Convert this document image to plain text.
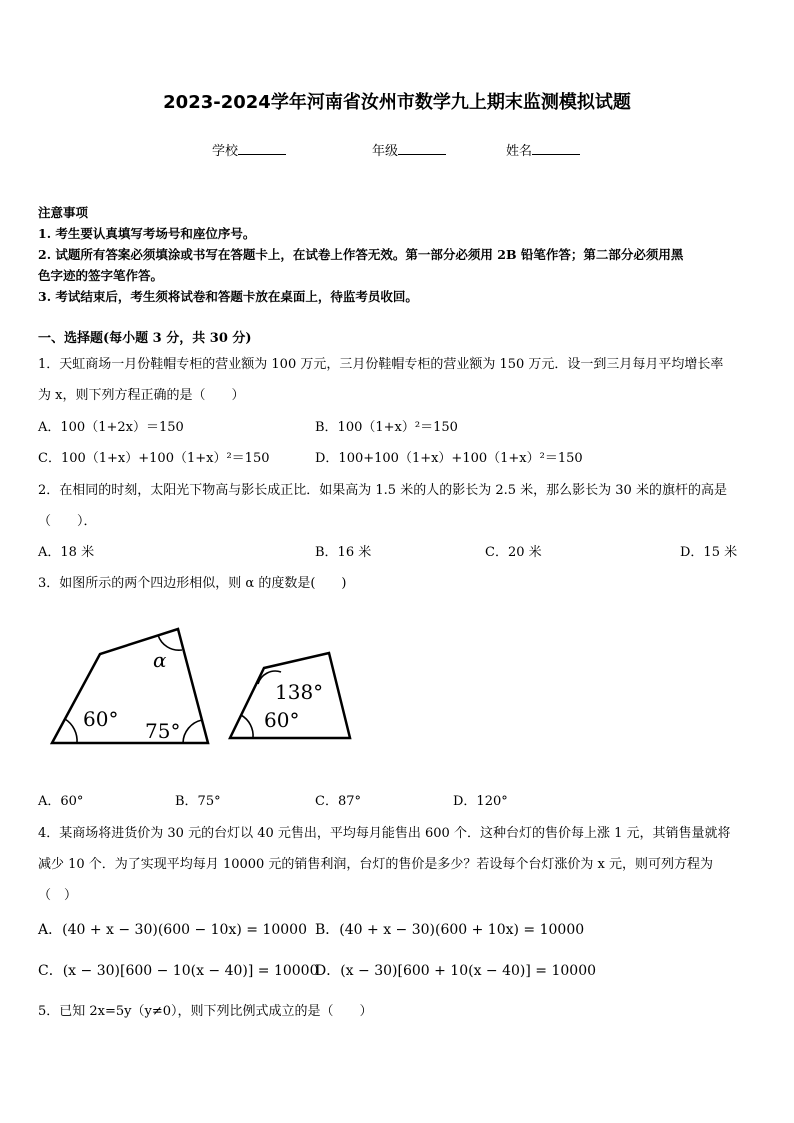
2023-2024学年河南省汝州市数学九上期末监测模拟试题
学校	年级	姓名
注意事项
1. 考生要认真填写考场号和座位序号。
2. 试题所有答案必须填涂或书写在答题卡上，在试卷上作答无效。第一部分必须用 2B 铅笔作答；第二部分必须用黑
色字迹的签字笔作答。
3. 考试结束后，考生须将试卷和答题卡放在桌面上，待监考员收回。
一、选择题(每小题 3 分，共 30 分)
1．天虹商场一月份鞋帽专柜的营业额为 100 万元，三月份鞋帽专柜的营业额为 150 万元．设一到三月每月平均增长率
为 x，则下列方程正确的是（　　）
A．100（1+2x）＝150	B．100（1+x）²＝150
C．100（1+x）+100（1+x）²＝150	D．100+100（1+x）+100（1+x）²＝150
2．在相同的时刻，太阳光下物高与影长成正比．如果高为 1.5 米的人的影长为 2.5 米，那么影长为 30 米的旗杆的高是
（　　）．
A．18 米	B．16 米	C．20 米	D．15 米
3．如图所示的两个四边形相似，则 α 的度数是(　　)
α
60° 75°
138°
60°
A．60°	B．75°	C．87°	D．120°
4．某商场将进货价为 30 元的台灯以 40 元售出，平均每月能售出 600 个．这种台灯的售价每上涨 1 元，其销售量就将
减少 10 个．为了实现平均每月 10000 元的销售利润，台灯的售价是多少？若设每个台灯涨价为 x 元，则可列方程为
（　）
A．(40 + x − 30)(600 − 10x) = 10000 B．(40 + x − 30)(600 + 10x) = 10000
C．(x − 30)[600 − 10(x − 40)] = 10000
D．(x − 30)[600 + 10(x − 40)] = 10000
5．已知 2x=5y（y≠0），则下列比例式成立的是（　　）
